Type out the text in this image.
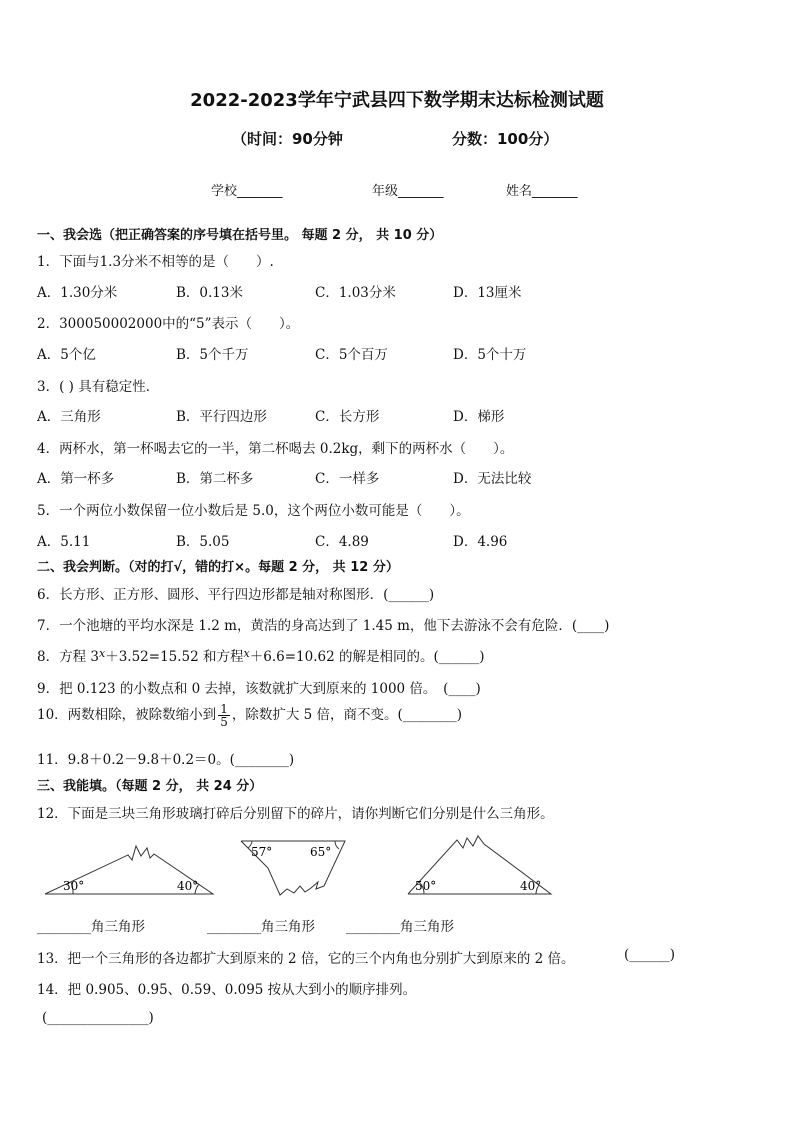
2022-2023学年宁武县四下数学期末达标检测试题
（时间：90分钟	分数：100分）
学校_______	年级_______	姓名_______
一、我会选（把正确答案的序号填在括号里。 每题 2 分， 共 10 分）
1．下面与1.3分米不相等的是（　　）.
A．1.30分米	B．0.13米	C．1.03分米	D．13厘米
2．300050002000中的“5”表示（　　）。
A．5个亿	B．5个千万	C．5个百万	D．5个十万
3．( ) 具有稳定性．
A．三角形	B．平行四边形	C．长方形	D．梯形
4．两杯水，第一杯喝去它的一半，第二杯喝去 0.2kg，剩下的两杯水（　　）。
A．第一杯多	B．第二杯多	C．一样多	D．无法比较
5．一个两位小数保留一位小数后是 5.0，这个两位小数可能是（　　）。
A．5.11	B．5.05	C．4.89	D．4.96
二、我会判断。（对的打√，错的打×。每题 2 分， 共 12 分）
6．长方形、正方形、圆形、平行四边形都是轴对称图形．(______)
7．一个池塘的平均水深是 1.2 m，黄浩的身高达到了 1.45 m，他下去游泳不会有危险．(____)
8．方程 $3^x+3.52=15.52$ 和方程$^x$＋6.6=10.62 的解是相同的。(______)
9．把 0.123 的小数点和 0 去掉，该数就扩大到原来的 1000 倍。　(____)
10．两数相除，被除数缩小到 $\frac{1}{5}$ ，除数扩大 5 倍，商不变。(________)
11．9.8＋0.2－9.8＋0.2＝0。(________)
三、我能填。（每题 2 分， 共 24 分）
12．下面是三块三角形玻璃打碎后分别留下的碎片，请你判断它们分别是什么三角形。
30°	40°
57°	65°
50°	40°
________角三角形	________角三角形 ________角三角形
13．把一个三角形的各边都扩大到原来的 2 倍，它的三个内角也分别扩大到原来的 2 倍。	(______)
14．把 0.905、0.95、0.59、0.095 按从大到小的顺序排列。
(_______________)
